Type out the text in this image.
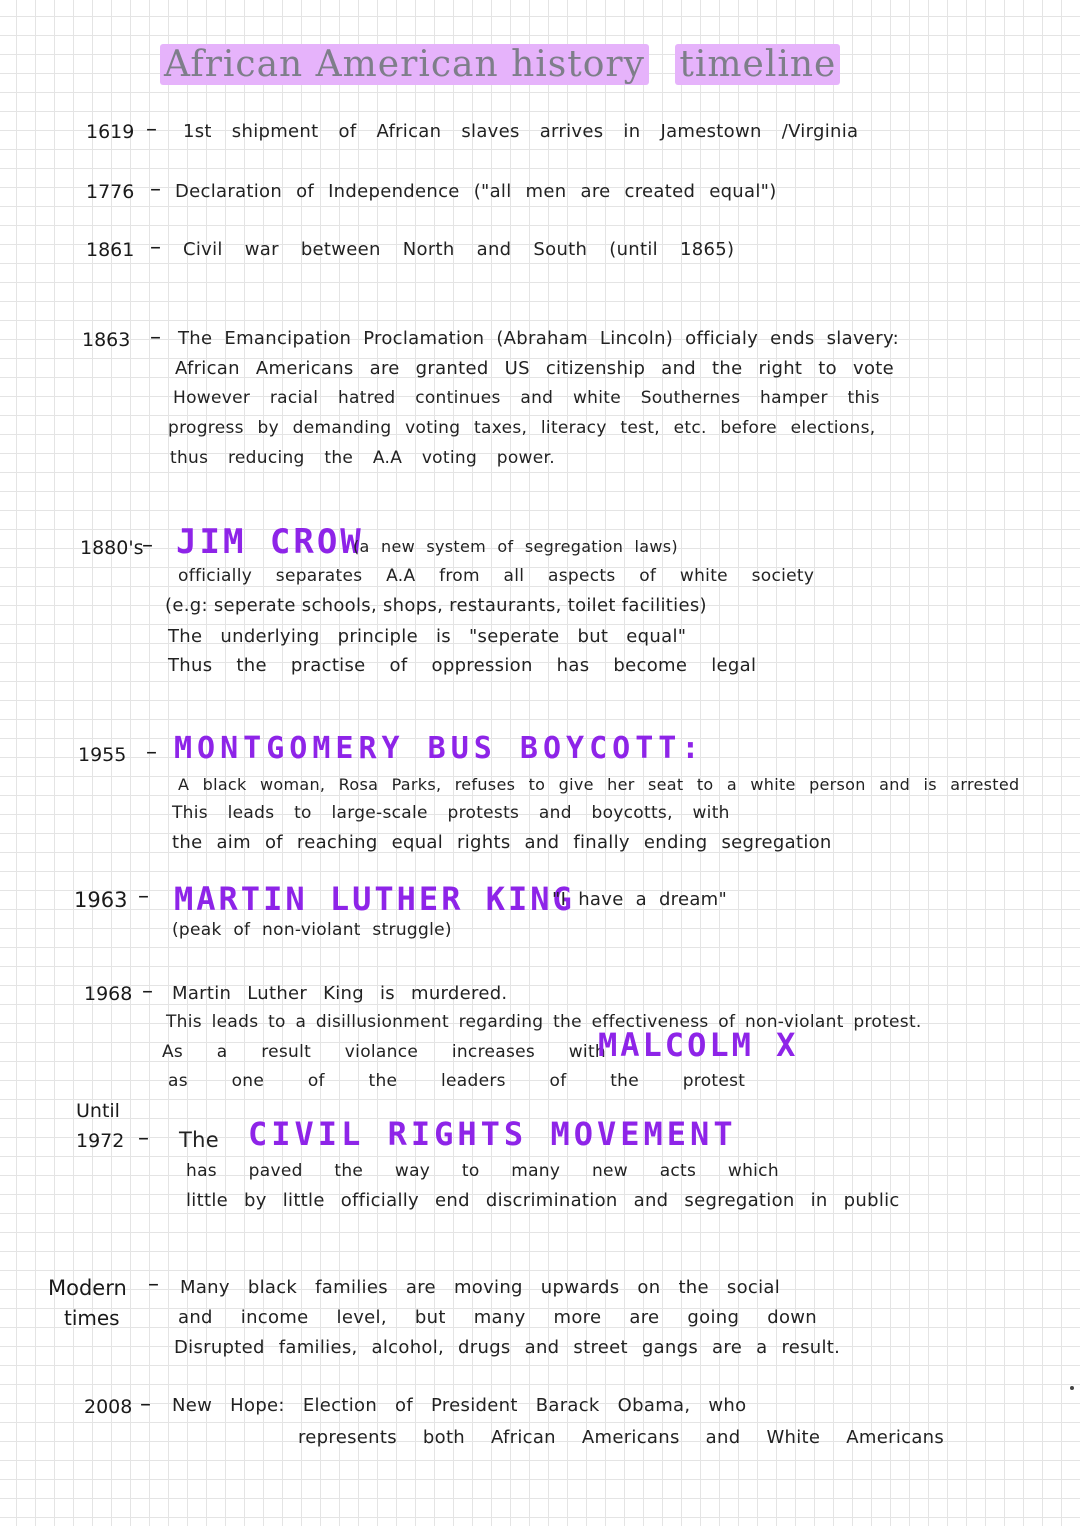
African American history timeline
1619 – 1st shipment of African slaves arrives in Jamestown /Virginia
1776 – Declaration of Independence ("all men are created equal")
1861 – Civil war between North and South (until 1865)
1863 – The Emancipation Proclamation (Abraham Lincoln) officialy ends slavery:
African Americans are granted US citizenship and the right to vote
However racial hatred continues and white Southernes hamper this
progress by demanding voting taxes, literacy test, etc. before elections,
thus reducing the A.A voting power.
1880's
– JIM CROW
(a new system of segregation laws)
officially separates A.A from all aspects of white society
(e.g: seperate schools, shops, restaurants, toilet facilities)
The underlying principle is "seperate but equal"
Thus the practise of oppression has become legal
1955 – MONTGOMERY BUS BOYCOTT:
A black woman, Rosa Parks, refuses to give her seat to a white person and is arrested
This leads to large-scale protests and boycotts, with
the aim of reaching equal rights and finally ending segregation
1963 – MARTIN LUTHER KING
"I have a dream"
(peak of non-violant struggle)
1968 – Martin Luther King is murdered.
This leads to a disillusionment regarding the effectiveness of non-violant protest.
As a result violance increases with
MALCOLM X
as one of the leaders of the protest
Until
1972 – The CIVIL RIGHTS MOVEMENT
has paved the way to many new acts which
little by little officially end discrimination and segregation in public
Modern
times
– Many black families are moving upwards on the social
and income level, but many more are going down
Disrupted families, alcohol, drugs and street gangs are a result.
2008 – New Hope: Election of President Barack Obama, who
represents both African Americans and White Americans
